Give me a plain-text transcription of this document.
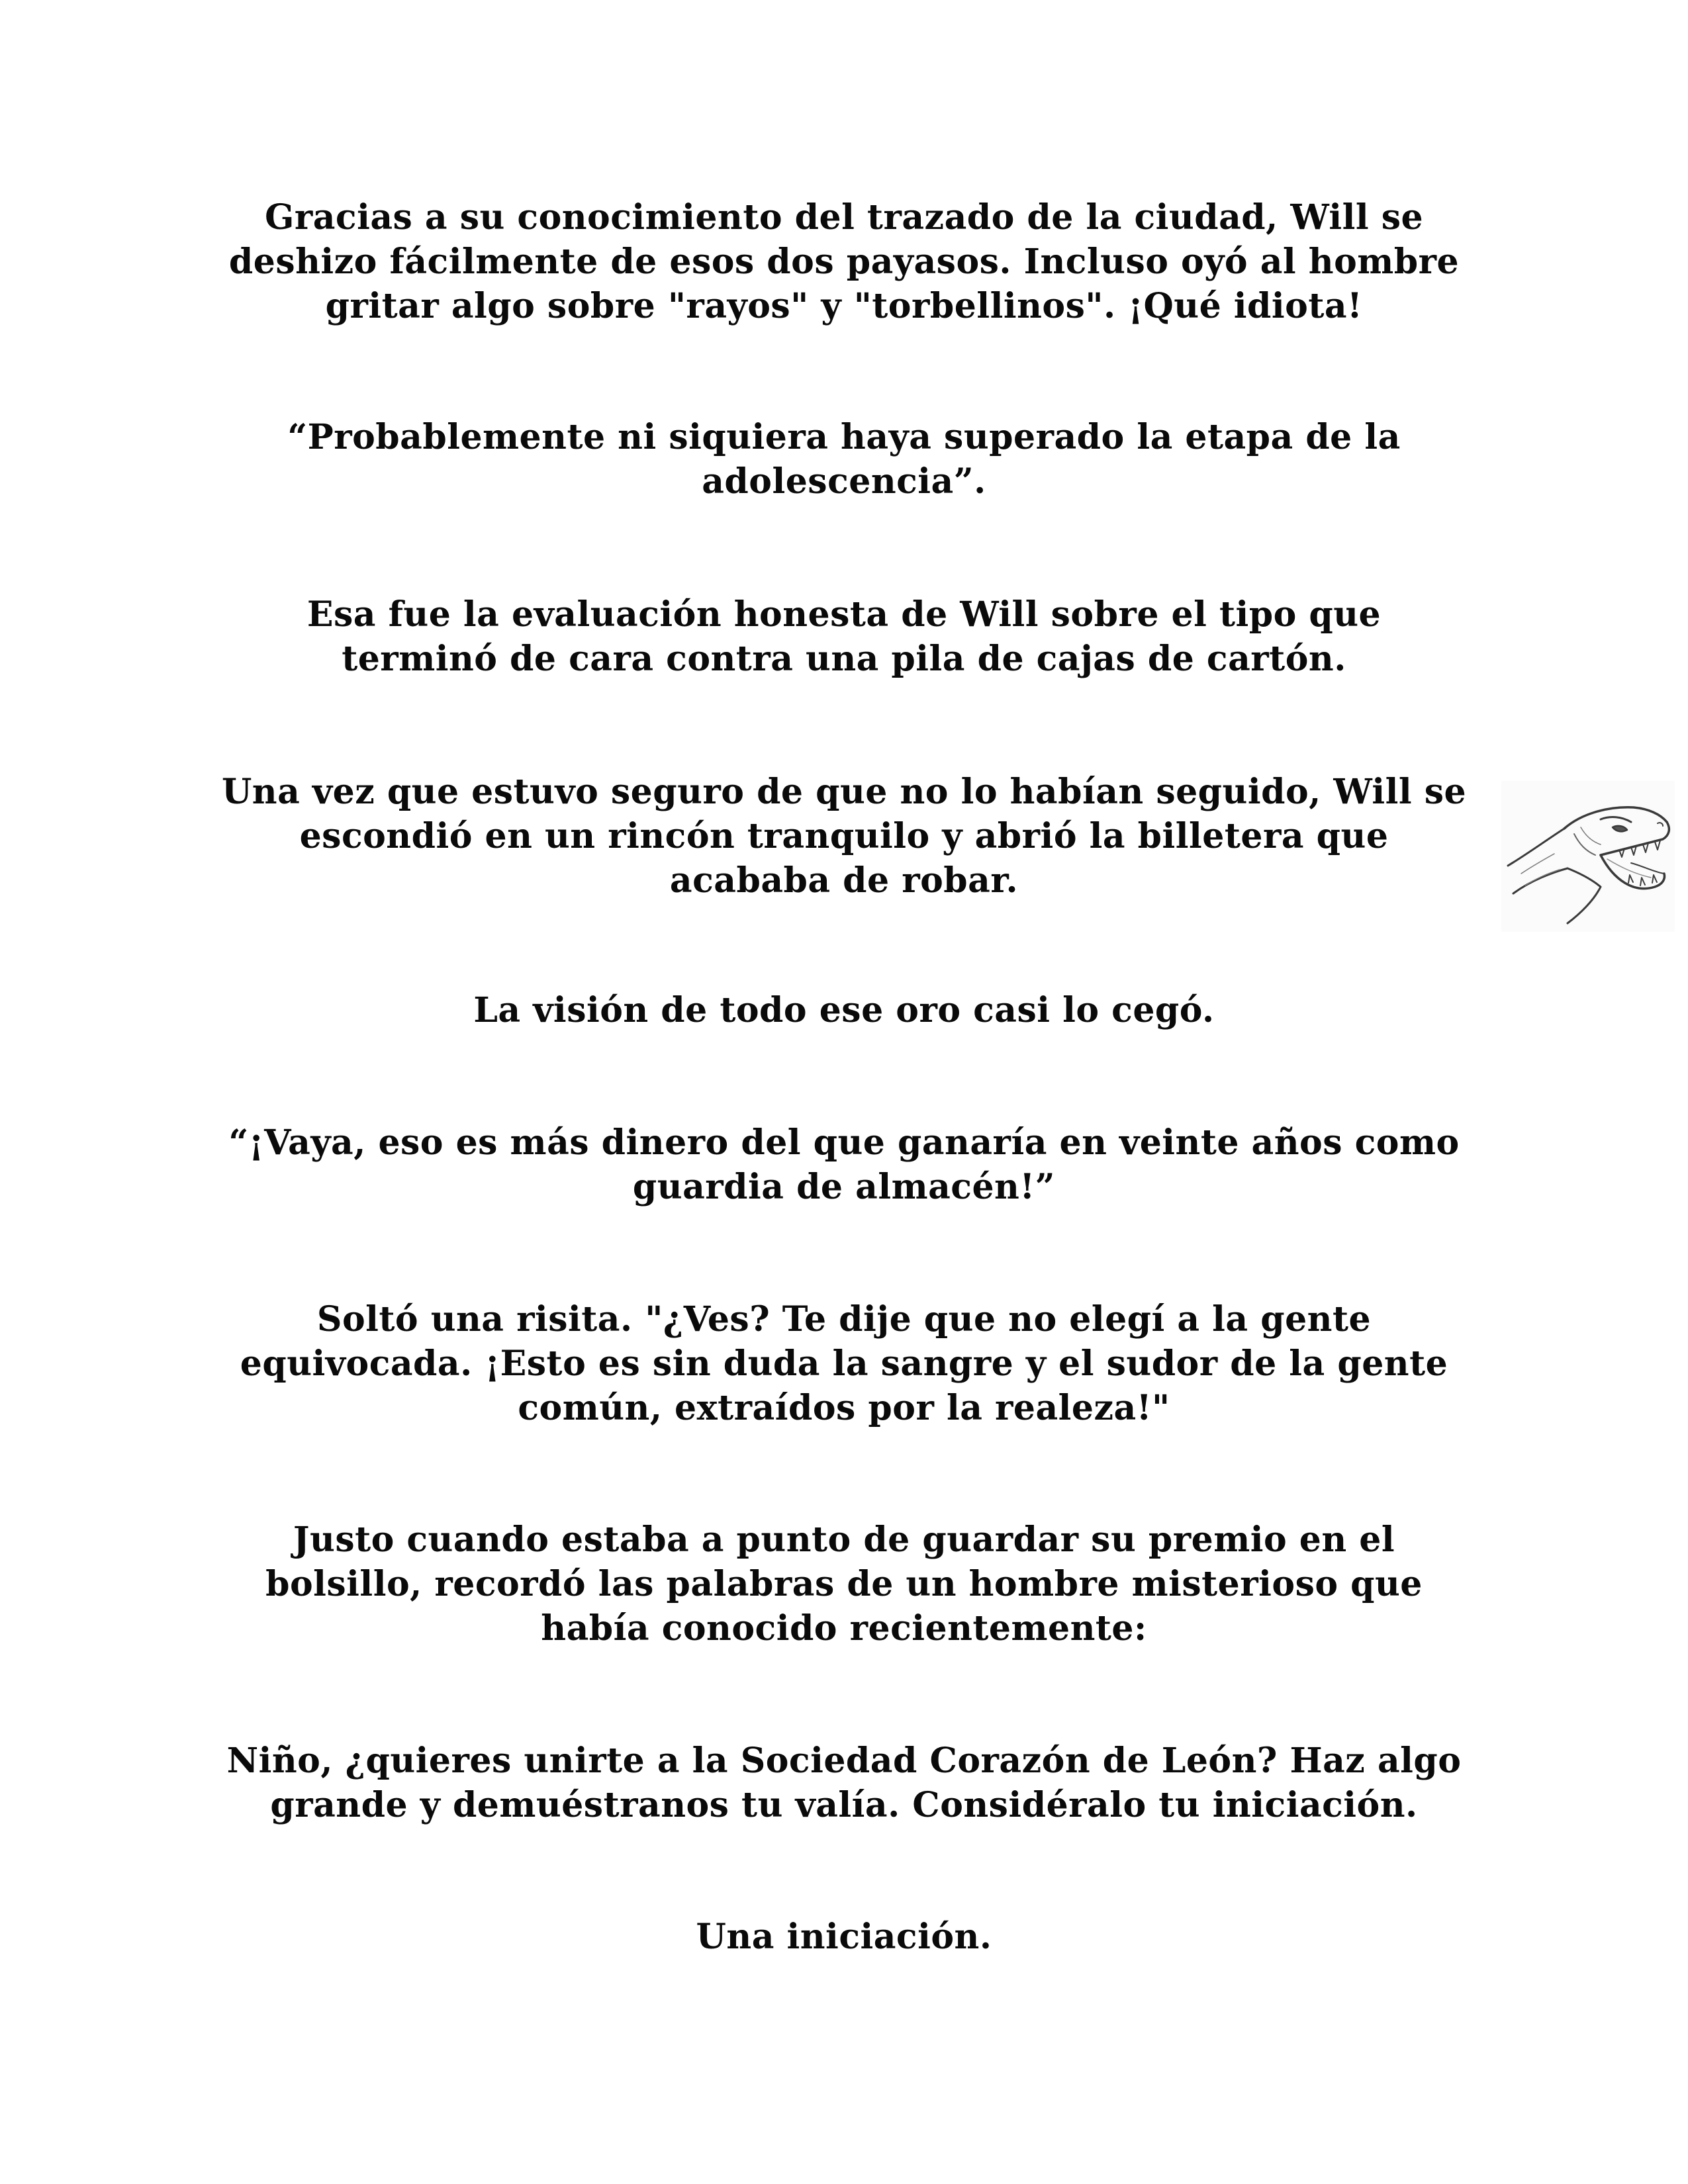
Gracias a su conocimiento del trazado de la ciudad, Will se
deshizo fácilmente de esos dos payasos. Incluso oyó al hombre
gritar algo sobre "rayos" y "torbellinos". ¡Qué idiota!
“Probablemente ni siquiera haya superado la etapa de la
adolescencia”.
Esa fue la evaluación honesta de Will sobre el tipo que
terminó de cara contra una pila de cajas de cartón.
Una vez que estuvo seguro de que no lo habían seguido, Will se
escondió en un rincón tranquilo y abrió la billetera que
acababa de robar.
La visión de todo ese oro casi lo cegó.
“¡Vaya, eso es más dinero del que ganaría en veinte años como
guardia de almacén!”
Soltó una risita. "¿Ves? Te dije que no elegí a la gente
equivocada. ¡Esto es sin duda la sangre y el sudor de la gente
común, extraídos por la realeza!"
Justo cuando estaba a punto de guardar su premio en el
bolsillo, recordó las palabras de un hombre misterioso que
había conocido recientemente:
Niño, ¿quieres unirte a la Sociedad Corazón de León? Haz algo
grande y demuéstranos tu valía. Considéralo tu iniciación.
Una iniciación.
